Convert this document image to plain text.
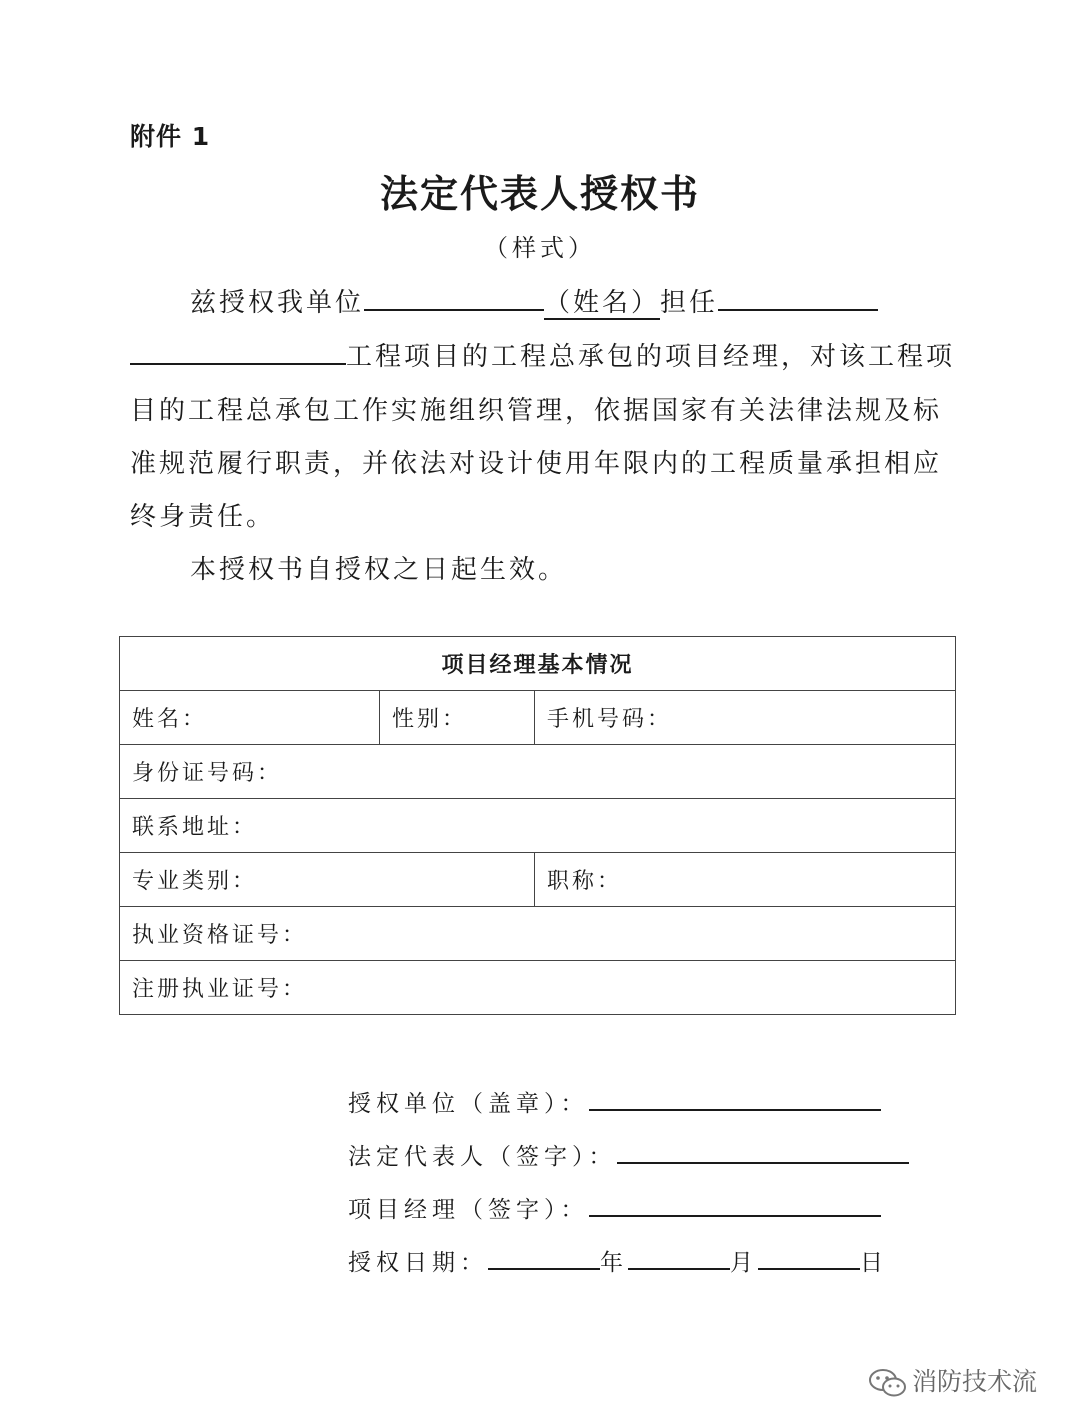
附件 1
法定代表人授权书
（样式）
兹授权我单位	（姓名）担任
工程项目的工程总承包的项目经理，对该工程项
目的工程总承包工作实施组织管理，依据国家有关法律法规及标
准规范履行职责，并依法对设计使用年限内的工程质量承担相应
终身责任。
本授权书自授权之日起生效。
项目经理基本情况		
姓名：	性别：	手机号码：
身份证号码：		
联系地址：		
专业类别：		职称：
执业资格证号：		
注册执业证号：		
授权单位（盖章）：
法定代表人（签字）：
项目经理（签字）：
授权日期：	年	月	日
消防技术流
